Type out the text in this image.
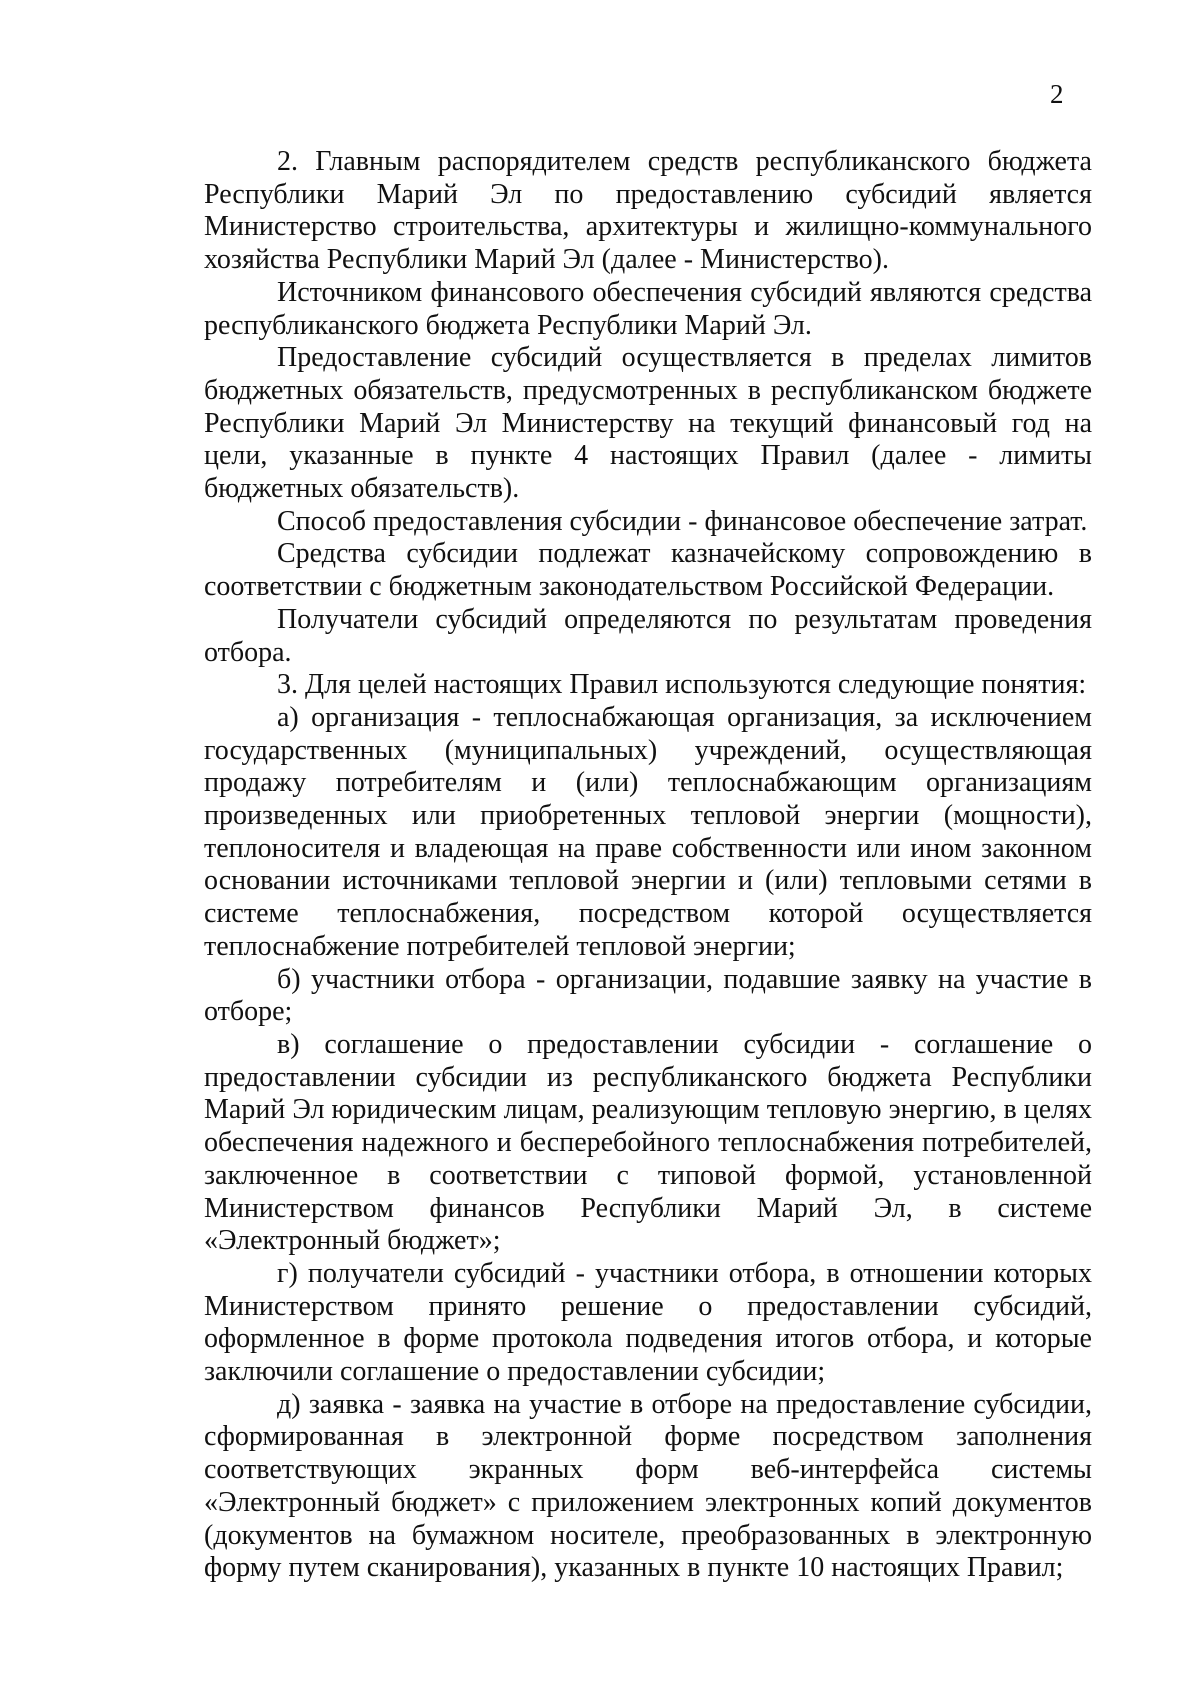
2

2. Главным распорядителем средств республиканского бюджета Республики Марий Эл по предоставлению субсидий является Министерство строительства, архитектуры и жилищно-коммунального хозяйства Республики Марий Эл (далее - Министерство).

Источником финансового обеспечения субсидий являются средства республиканского бюджета Республики Марий Эл.

Предоставление субсидий осуществляется в пределах лимитов бюджетных обязательств, предусмотренных в республиканском бюджете Республики Марий Эл Министерству на текущий финансовый год на цели, указанные в пункте 4 настоящих Правил (далее - лимиты бюджетных обязательств).

Способ предоставления субсидии - финансовое обеспечение затрат.

Средства субсидии подлежат казначейскому сопровождению в соответствии с бюджетным законодательством Российской Федерации.

Получатели субсидий определяются по результатам проведения отбора.

3. Для целей настоящих Правил используются следующие понятия:

а) организация - теплоснабжающая организация, за исключением государственных (муниципальных) учреждений, осуществляющая продажу потребителям и (или) теплоснабжающим организациям произведенных или приобретенных тепловой энергии (мощности), теплоносителя и владеющая на праве собственности или ином законном основании источниками тепловой энергии и (или) тепловыми сетями в системе теплоснабжения, посредством которой осуществляется теплоснабжение потребителей тепловой энергии;

б) участники отбора - организации, подавшие заявку на участие в отборе;

в) соглашение о предоставлении субсидии - соглашение о предоставлении субсидии из республиканского бюджета Республики Марий Эл юридическим лицам, реализующим тепловую энергию, в целях обеспечения надежного и бесперебойного теплоснабжения потребителей, заключенное в соответствии с типовой формой, установленной Министерством финансов Республики Марий Эл, в системе «Электронный бюджет»;

г) получатели субсидий - участники отбора, в отношении которых Министерством принято решение о предоставлении субсидий, оформленное в форме протокола подведения итогов отбора, и которые заключили соглашение о предоставлении субсидии;

д) заявка - заявка на участие в отборе на предоставление субсидии, сформированная в электронной форме посредством заполнения соответствующих экранных форм веб-интерфейса системы «Электронный бюджет» с приложением электронных копий документов (документов на бумажном носителе, преобразованных в электронную форму путем сканирования), указанных в пункте 10 настоящих Правил;
